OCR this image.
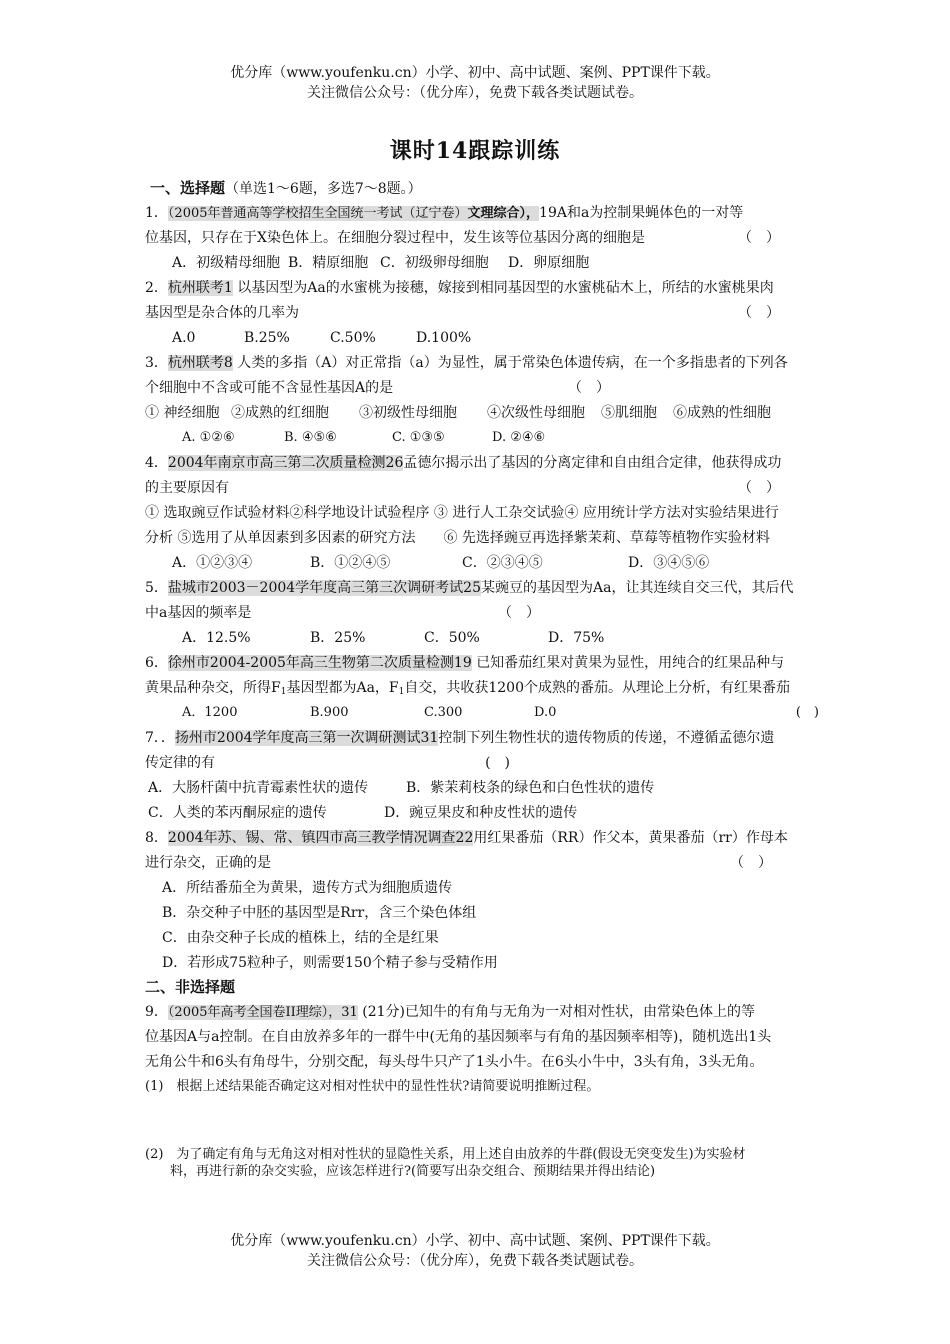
优分库（www.youfenku.cn）小学、初中、高中试题、案例、PPT课件下载。
关注微信公众号：（优分库），免费下载各类试题试卷。
课时14跟踪训练
一、选择题（单选1～6题，多选7～8题。）
1．（2005年普通高等学校招生全国统一考试（辽宁卷）文理综合），19A和a为控制果蝇体色的一对等
位基因，只存在于X染色体上。在细胞分裂过程中，发生该等位基因分离的细胞是	（　）
A．初级精母细胞 B．精原细胞 C．初级卵母细胞 D．卵原细胞
2．杭州联考1 以基因型为Aa的水蜜桃为接穗，嫁接到相同基因型的水蜜桃砧木上，所结的水蜜桃果肉
基因型是杂合体的几率为	（　）
A.0	B.25%	C.50%	D.100%
3．杭州联考8 人类的多指（A）对正常指（a）为显性，属于常染色体遗传病，在一个多指患者的下列各
个细胞中不含或可能不含显性基因A的是	（　）
① 神经细胞 ②成熟的红细胞 ③初级性母细胞 ④次级性母细胞 ⑤肌细胞 ⑥成熟的性细胞
A. ①②⑥	B. ④⑤⑥	C. ①③⑤	D. ②④⑥
4．2004年南京市高三第二次质量检测26孟德尔揭示出了基因的分离定律和自由组合定律，他获得成功
的主要原因有	（　）
① 选取豌豆作试验材料②科学地设计试验程序 ③ 进行人工杂交试验④ 应用统计学方法对实验结果进行
分析 ⑤选用了从单因素到多因素的研究方法　　⑥ 先选择豌豆再选择紫茉莉、草莓等植物作实验材料
A．①②③④	B．①②④⑤	C．②③④⑤	D．③④⑤⑥
5．盐城市2003－2004学年度高三第三次调研考试25某豌豆的基因型为Aa，让其连续自交三代，其后代
中a基因的频率是	（　）
A．12.5%	B．25%	C．50%	D．75%
6．徐州市2004-2005年高三生物第二次质量检测19 已知番茄红果对黄果为显性，用纯合的红果品种与
黄果品种杂交，所得$F_1$基因型都为Aa，$F_1$自交，共收获1200个成熟的番茄。从理论上分析，有红果番茄
A．1200	B.900	C.300	D.0	(　)
7．．扬州市2004学年度高三第一次调研测试31控制下列生物性状的遗传物质的传递，不遵循孟德尔遗
传定律的有	(　)
A．大肠杆菌中抗青霉素性状的遗传	B．紫茉莉枝条的绿色和白色性状的遗传
C．人类的苯丙酮尿症的遗传	D．豌豆果皮和种皮性状的遗传
8．2004年苏、锡、常、镇四市高三教学情况调查22用红果番茄（RR）作父本，黄果番茄（rr）作母本
进行杂交，正确的是	（　）
A．所结番茄全为黄果，遗传方式为细胞质遗传
B．杂交种子中胚的基因型是Rrr，含三个染色体组
C．由杂交种子长成的植株上，结的全是红果
D．若形成75粒种子，则需要150个精子参与受精作用
二、非选择题
9．（2005年高考全国卷II理综），31 (21分)已知牛的有角与无角为一对相对性状，由常染色体上的等
位基因A与a控制。在自由放养多年的一群牛中(无角的基因频率与有角的基因频率相等)，随机选出1头
无角公牛和6头有角母牛，分别交配，每头母牛只产了1头小牛。在6头小牛中，3头有角，3头无角。
(1)　根据上述结果能否确定这对相对性状中的显性性状?请简要说明推断过程。
(2)　为了确定有角与无角这对相对性状的显隐性关系，用上述自由放养的牛群(假设无突变发生)为实验材
料，再进行新的杂交实验，应该怎样进行?(简要写出杂交组合、预期结果并得出结论)
优分库（www.youfenku.cn）小学、初中、高中试题、案例、PPT课件下载。
关注微信公众号：（优分库），免费下载各类试题试卷。
